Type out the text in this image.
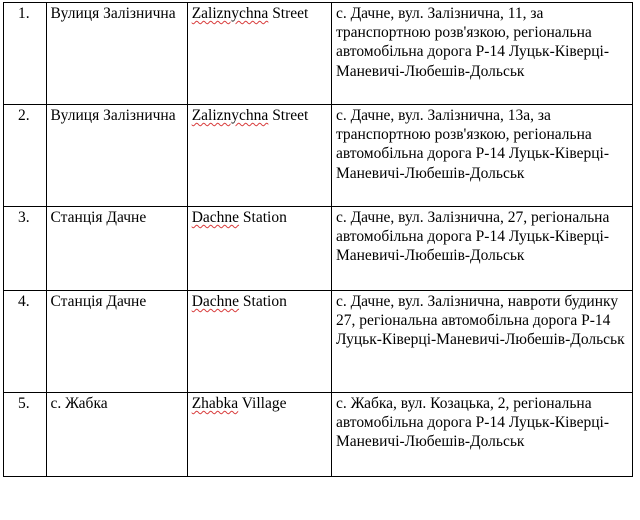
1.	Вулиця Залізнична	Zaliznychna Street	с. Дачне, вул. Залізнична, 11, за транспортною розв'язкою, регіональна автомобільна дорога Р-14 Луцьк-Ківерці-Маневичі-Любешів-Дольськ
2.	Вулиця Залізнична	Zaliznychna Street	с. Дачне, вул. Залізнична, 13а, за транспортною розв'язкою, регіональна автомобільна дорога Р-14 Луцьк-Ківерці-Маневичі-Любешів-Дольськ
3.	Станція Дачне	Dachne Station	с. Дачне, вул. Залізнична, 27, регіональна автомобільна дорога Р-14 Луцьк-Ківерці-Маневичі-Любешів-Дольськ
4.	Станція Дачне	Dachne Station	с. Дачне, вул. Залізнична, навроти будинку 27, регіональна автомобільна дорога Р-14 Луцьк-Ківерці-Маневичі-Любешів-Дольськ
5.	с. Жабка	Zhabka Village	с. Жабка, вул. Козацька, 2, регіональна автомобільна дорога Р-14 Луцьк-Ківерці-Маневичі-Любешів-Дольськ
